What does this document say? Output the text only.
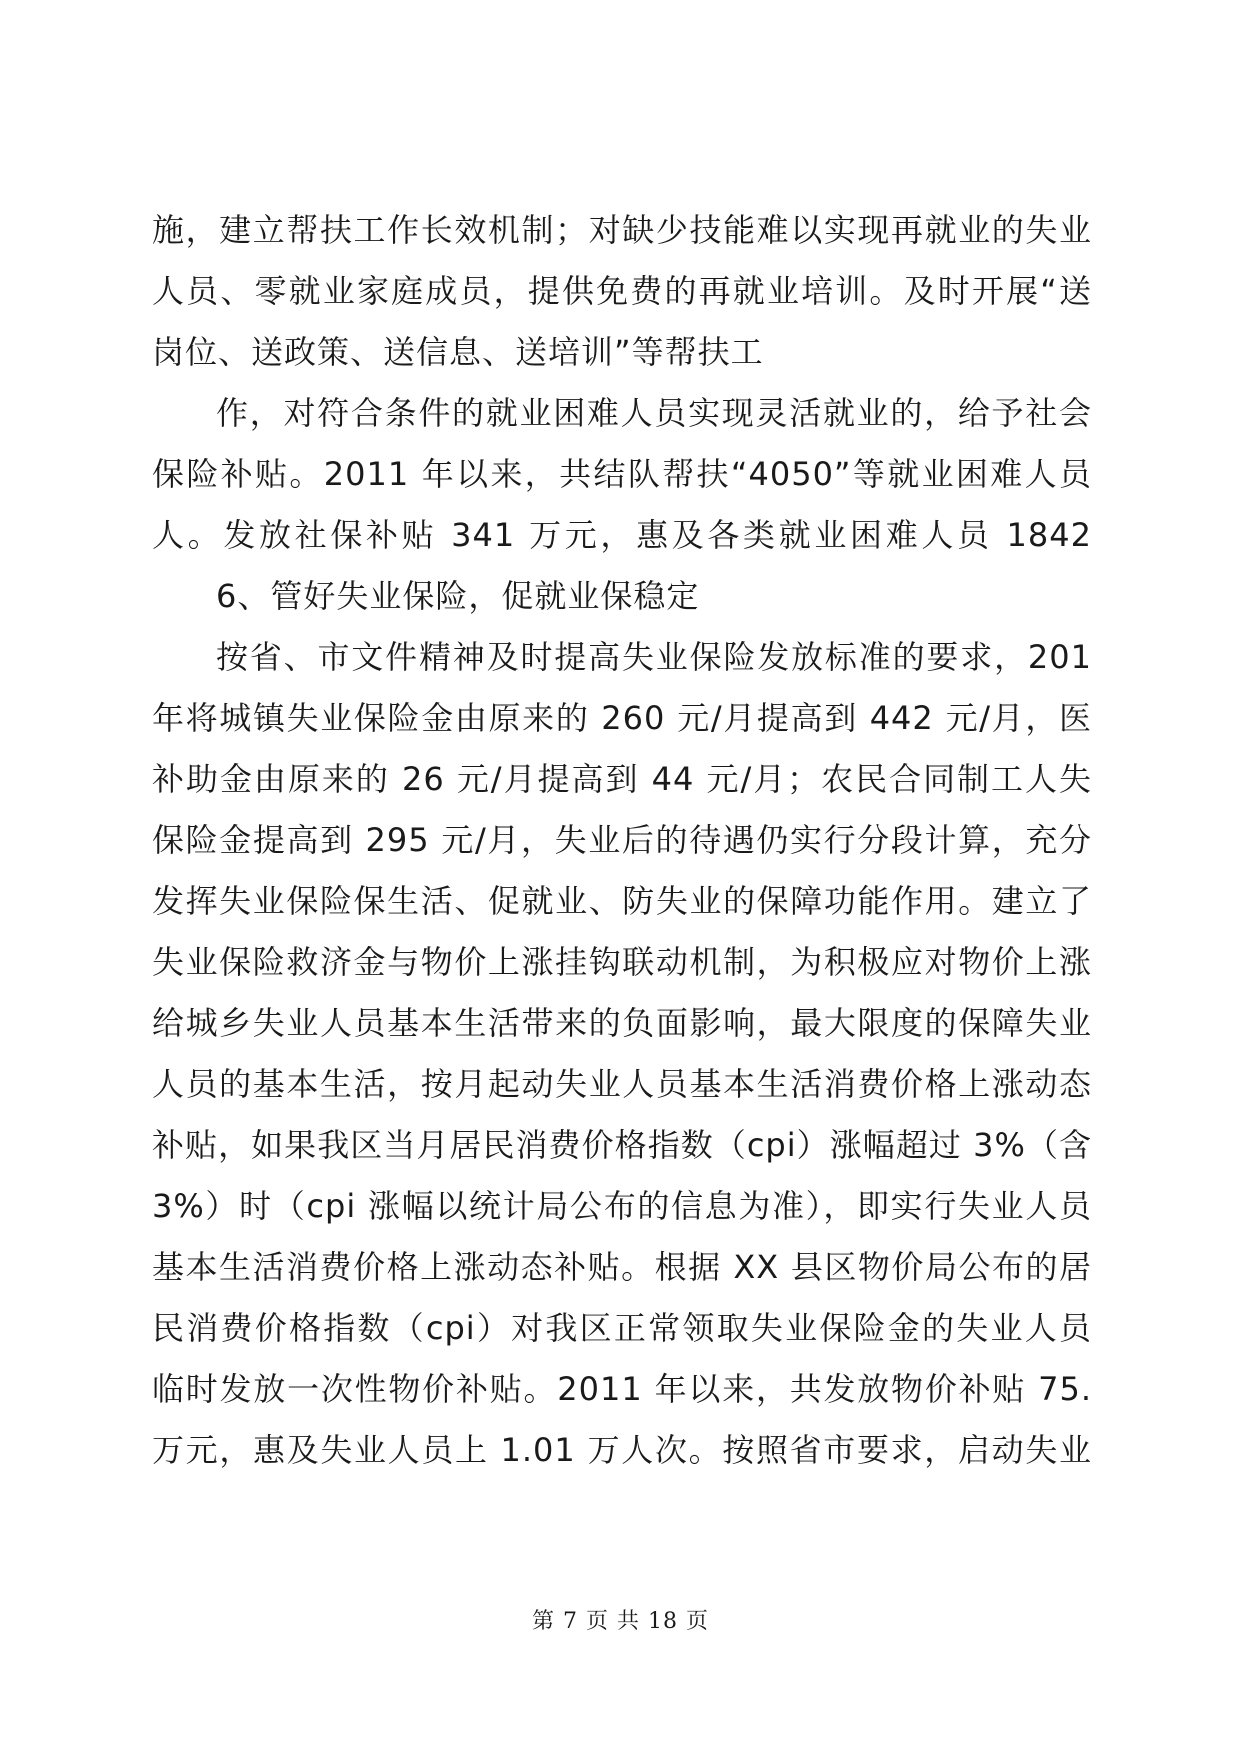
施，建立帮扶工作长效机制；对缺少技能难以实现再就业的失业
人员、零就业家庭成员，提供免费的再就业培训。及时开展“送
岗位、送政策、送信息、送培训”等帮扶工
作，对符合条件的就业困难人员实现灵活就业的，给予社会
保险补贴。2011 年以来，共结队帮扶“4050”等就业困难人员
人。发放社保补贴 341 万元，惠及各类就业困难人员 1842
6、管好失业保险，促就业保稳定
按省、市文件精神及时提高失业保险发放标准的要求，201
年将城镇失业保险金由原来的 260 元/月提高到 442 元/月，医
补助金由原来的 26 元/月提高到 44 元/月；农民合同制工人失
保险金提高到 295 元/月，失业后的待遇仍实行分段计算，充分
发挥失业保险保生活、促就业、防失业的保障功能作用。建立了
失业保险救济金与物价上涨挂钩联动机制，为积极应对物价上涨
给城乡失业人员基本生活带来的负面影响，最大限度的保障失业
人员的基本生活，按月起动失业人员基本生活消费价格上涨动态
补贴，如果我区当月居民消费价格指数（cpi）涨幅超过 3%（含
3%）时（cpi 涨幅以统计局公布的信息为准），即实行失业人员
基本生活消费价格上涨动态补贴。根据 XX 县区物价局公布的居
民消费价格指数（cpi）对我区正常领取失业保险金的失业人员
临时发放一次性物价补贴。2011 年以来，共发放物价补贴 75.
万元，惠及失业人员上 1.01 万人次。按照省市要求，启动失业
第 7 页 共 18 页
